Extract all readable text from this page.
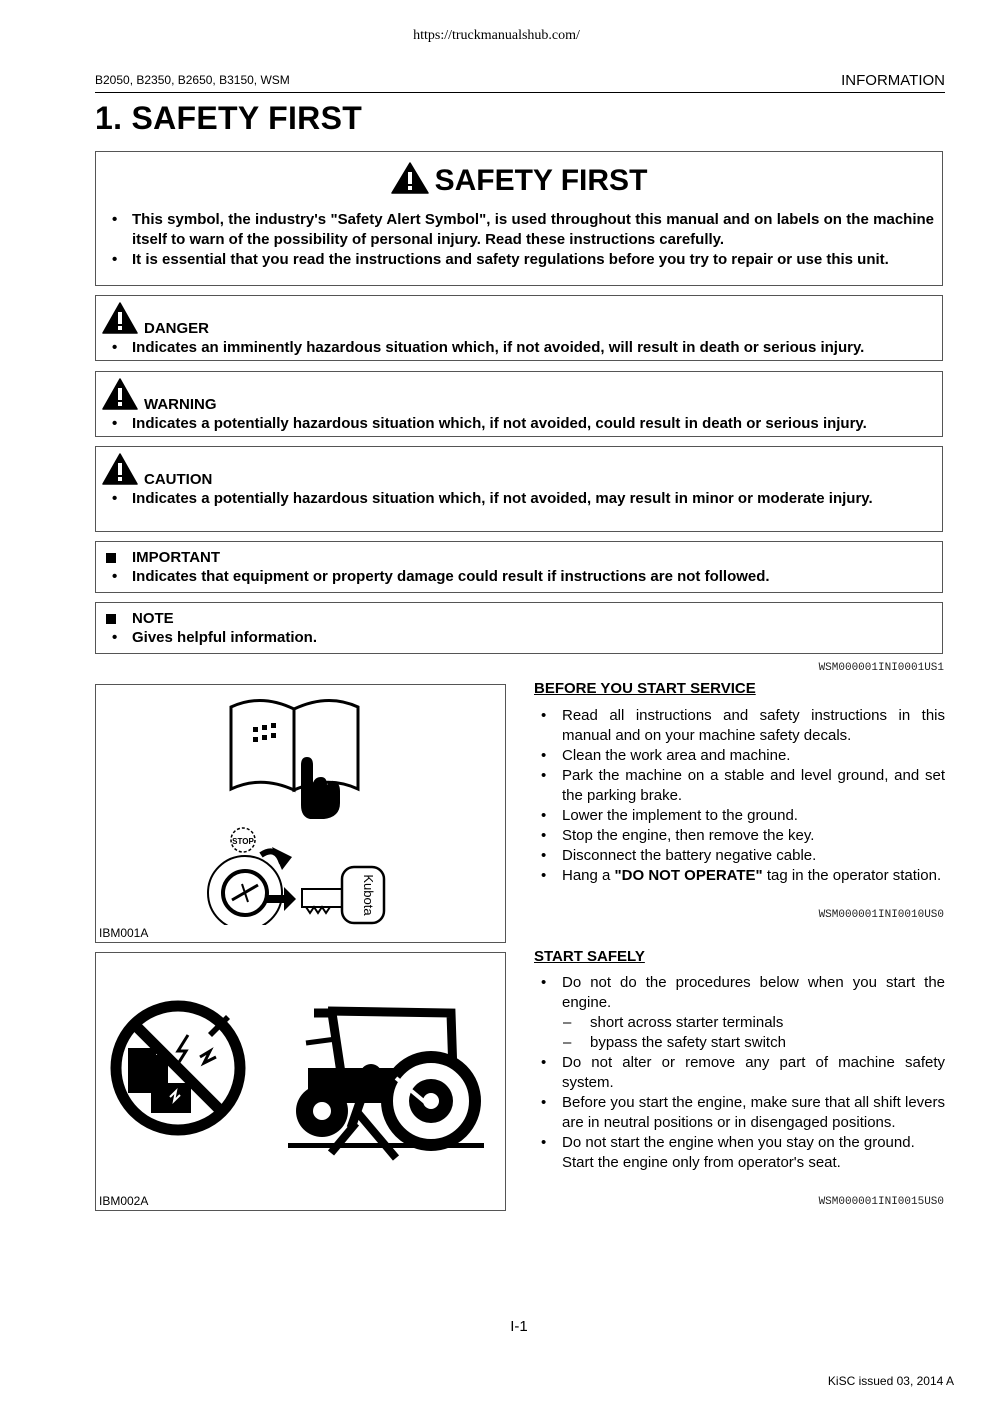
https://truckmanualshub.com/
B2050, B2350, B2650, B3150, WSM	INFORMATION
1. SAFETY FIRST
SAFETY FIRST
• This symbol, the industry's "Safety Alert Symbol", is used throughout this manual and on labels on the machine itself to warn of the possibility of personal injury. Read these instructions carefully.
• It is essential that you read the instructions and safety regulations before you try to repair or use this unit.
DANGER
• Indicates an imminently hazardous situation which, if not avoided, will result in death or serious injury.
WARNING
• Indicates a potentially hazardous situation which, if not avoided, could result in death or serious injury.
CAUTION
• Indicates a potentially hazardous situation which, if not avoided, may result in minor or moderate injury.
IMPORTANT
• Indicates that equipment or property damage could result if instructions are not followed.
NOTE
• Gives helpful information.
WSM000001INI0001US1
STOP
Kubota
IBM001A
BEFORE YOU START SERVICE
• Read all instructions and safety instructions in this manual and on your machine safety decals.
• Clean the work area and machine.
• Park the machine on a stable and level ground, and set the parking brake.
• Lower the implement to the ground.
• Stop the engine, then remove the key.
• Disconnect the battery negative cable.
• Hang a "DO NOT OPERATE" tag in the operator station.
WSM000001INI0010US0
IBM002A
START SAFELY
• Do not do the procedures below when you start the engine.
– short across starter terminals
– bypass the safety start switch
• Do not alter or remove any part of machine safety system.
• Before you start the engine, make sure that all shift levers are in neutral positions or in disengaged positions.
• Do not start the engine when you stay on the ground. Start the engine only from operator's seat.
WSM000001INI0015US0
I-1
KiSC issued 03, 2014 A
